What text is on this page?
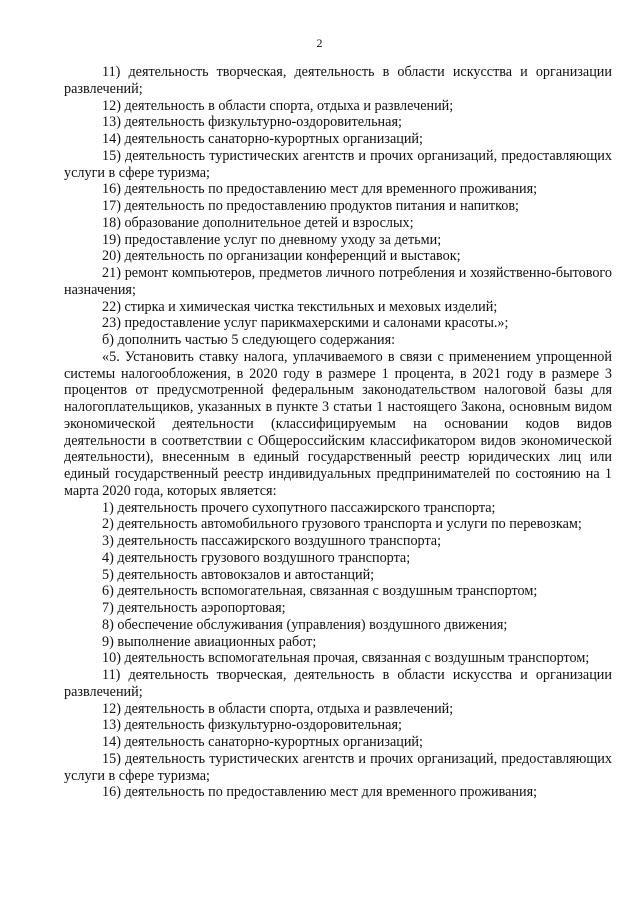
2

11) деятельность творческая, деятельность в области искусства и организации развлечений;

12) деятельность в области спорта, отдыха и развлечений;

13) деятельность физкультурно-оздоровительная;

14) деятельность санаторно-курортных организаций;

15) деятельность туристических агентств и прочих организаций, предоставляющих услуги в сфере туризма;

16) деятельность по предоставлению мест для временного проживания;

17) деятельность по предоставлению продуктов питания и напитков;

18) образование дополнительное детей и взрослых;

19) предоставление услуг по дневному уходу за детьми;

20) деятельность по организации конференций и выставок;

21) ремонт компьютеров, предметов личного потребления и хозяйственно-бытового назначения;

22) стирка и химическая чистка текстильных и меховых изделий;

23) предоставление услуг парикмахерскими и салонами красоты.»;

б) дополнить частью 5 следующего содержания:

«5. Установить ставку налога, уплачиваемого в связи с применением упрощенной системы налогообложения, в 2020 году в размере 1 процента, в 2021 году в размере 3 процентов от предусмотренной федеральным законодательством налоговой базы для налогоплательщиков, указанных в пункте 3 статьи 1 настоящего Закона, основным видом экономической деятельности (классифицируемым на основании кодов видов деятельности в соответствии с Общероссийским классификатором видов экономической деятельности), внесенным в единый государственный реестр юридических лиц или единый государственный реестр индивидуальных предпринимателей по состоянию на 1 марта 2020 года, которых является:

1) деятельность прочего сухопутного пассажирского транспорта;

2) деятельность автомобильного грузового транспорта и услуги по перевозкам;

3) деятельность пассажирского воздушного транспорта;

4) деятельность грузового воздушного транспорта;

5) деятельность автовокзалов и автостанций;

6) деятельность вспомогательная, связанная с воздушным транспортом;

7) деятельность аэропортовая;

8) обеспечение обслуживания (управления) воздушного движения;

9) выполнение авиационных работ;

10) деятельность вспомогательная прочая, связанная с воздушным транспортом;

11) деятельность творческая, деятельность в области искусства и организации развлечений;

12) деятельность в области спорта, отдыха и развлечений;

13) деятельность физкультурно-оздоровительная;

14) деятельность санаторно-курортных организаций;

15) деятельность туристических агентств и прочих организаций, предоставляющих услуги в сфере туризма;

16) деятельность по предоставлению мест для временного проживания;
